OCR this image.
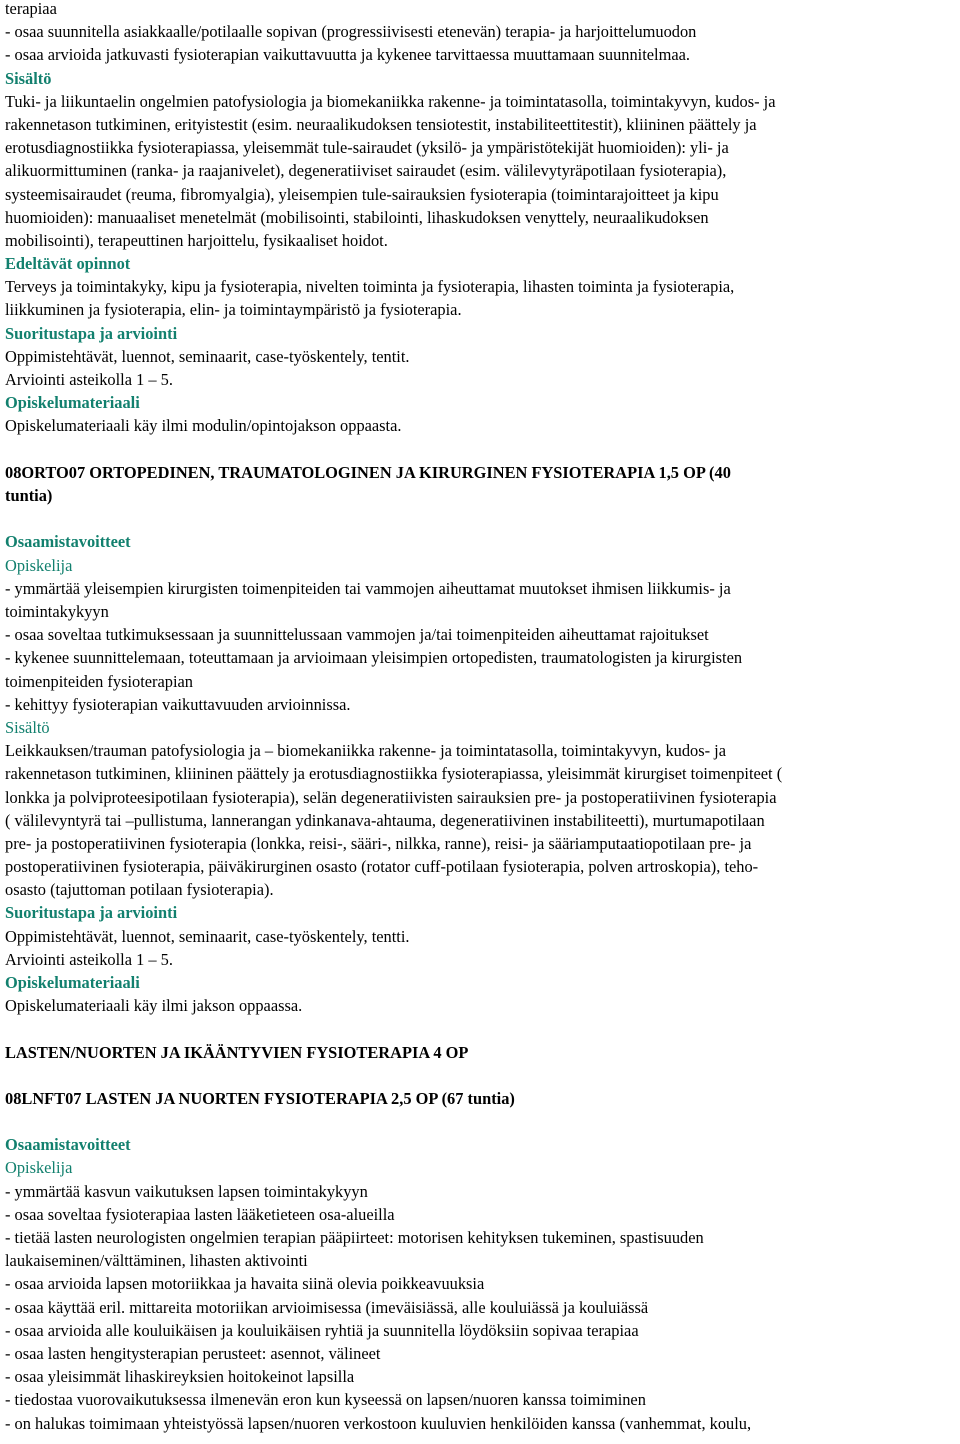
terapiaa
- osaa suunnitella asiakkaalle/potilaalle sopivan (progressiivisesti etenevän) terapia- ja harjoittelumuodon
- osaa arvioida jatkuvasti fysioterapian vaikuttavuutta ja kykenee tarvittaessa muuttamaan suunnitelmaa.
Sisältö
Tuki- ja liikuntaelin ongelmien patofysiologia ja biomekaniikka rakenne- ja toimintatasolla, toimintakyvyn, kudos- ja
rakennetason tutkiminen, erityistestit (esim. neuraalikudoksen tensiotestit, instabiliteettitestit), kliininen päättely ja
erotusdiagnostiikka fysioterapiassa, yleisemmät tule-sairaudet (yksilö- ja ympäristötekijät huomioiden): yli- ja
alikuormittuminen (ranka- ja raajanivelet), degeneratiiviset sairaudet (esim. välilevytyräpotilaan fysioterapia),
systeemisairaudet (reuma, fibromyalgia), yleisempien tule-sairauksien fysioterapia (toimintarajoitteet ja kipu
huomioiden): manuaaliset menetelmät (mobilisointi, stabilointi, lihaskudoksen venyttely, neuraalikudoksen
mobilisointi), terapeuttinen harjoittelu, fysikaaliset hoidot.
Edeltävät opinnot
Terveys ja toimintakyky, kipu ja fysioterapia, nivelten toiminta ja fysioterapia, lihasten toiminta ja fysioterapia,
liikkuminen ja fysioterapia, elin- ja toimintaympäristö ja fysioterapia.
Suoritustapa ja arviointi
Oppimistehtävät, luennot, seminaarit, case-työskentely, tentit.
Arviointi asteikolla 1 – 5.
Opiskelumateriaali
Opiskelumateriaali käy ilmi modulin/opintojakson oppaasta.
08ORTO07 ORTOPEDINEN, TRAUMATOLOGINEN JA KIRURGINEN FYSIOTERAPIA 1,5 OP (40
tuntia)
Osaamistavoitteet
Opiskelija
- ymmärtää yleisempien kirurgisten toimenpiteiden tai vammojen aiheuttamat muutokset ihmisen liikkumis- ja
toimintakykyyn
- osaa soveltaa tutkimuksessaan ja suunnittelussaan vammojen ja/tai toimenpiteiden aiheuttamat rajoitukset
- kykenee suunnittelemaan, toteuttamaan ja arvioimaan yleisimpien ortopedisten, traumatologisten ja kirurgisten
toimenpiteiden fysioterapian
- kehittyy fysioterapian vaikuttavuuden arvioinnissa.
Sisältö
Leikkauksen/trauman patofysiologia ja – biomekaniikka rakenne- ja toimintatasolla, toimintakyvyn, kudos- ja
rakennetason tutkiminen, kliininen päättely ja erotusdiagnostiikka fysioterapiassa, yleisimmät kirurgiset toimenpiteet (
lonkka ja polviproteesipotilaan fysioterapia), selän degeneratiivisten sairauksien pre- ja postoperatiivinen fysioterapia
( välilevyntyrä tai –pullistuma, lannerangan ydinkanava-ahtauma, degeneratiivinen instabiliteetti), murtumapotilaan
pre- ja postoperatiivinen fysioterapia (lonkka, reisi-, sääri-, nilkka, ranne), reisi- ja sääriamputaatiopotilaan pre- ja
postoperatiivinen fysioterapia, päiväkirurginen osasto (rotator cuff-potilaan fysioterapia, polven artroskopia), teho-
osasto (tajuttoman potilaan fysioterapia).
Suoritustapa ja arviointi
Oppimistehtävät, luennot, seminaarit, case-työskentely, tentti.
Arviointi asteikolla 1 – 5.
Opiskelumateriaali
Opiskelumateriaali käy ilmi jakson oppaassa.
LASTEN/NUORTEN JA IKÄÄNTYVIEN FYSIOTERAPIA 4 OP
08LNFT07 LASTEN JA NUORTEN FYSIOTERAPIA 2,5 OP (67 tuntia)
Osaamistavoitteet
Opiskelija
- ymmärtää kasvun vaikutuksen lapsen toimintakykyyn
- osaa soveltaa fysioterapiaa lasten lääketieteen osa-alueilla
- tietää lasten neurologisten ongelmien terapian pääpiirteet: motorisen kehityksen tukeminen, spastisuuden
laukaiseminen/välttäminen, lihasten aktivointi
- osaa arvioida lapsen motoriikkaa ja havaita siinä olevia poikkeavuuksia
- osaa käyttää eril. mittareita motoriikan arvioimisessa (imeväisiässä, alle kouluiässä ja kouluiässä
- osaa arvioida alle kouluikäisen ja kouluikäisen ryhtiä ja suunnitella löydöksiin sopivaa terapiaa
- osaa lasten hengitysterapian perusteet: asennot, välineet
- osaa yleisimmät lihaskireyksien hoitokeinot lapsilla
- tiedostaa vuorovaikutuksessa ilmenevän eron kun kyseessä on lapsen/nuoren kanssa toimiminen
- on halukas toimimaan yhteistyössä lapsen/nuoren verkostoon kuuluvien henkilöiden kanssa (vanhemmat, koulu,
